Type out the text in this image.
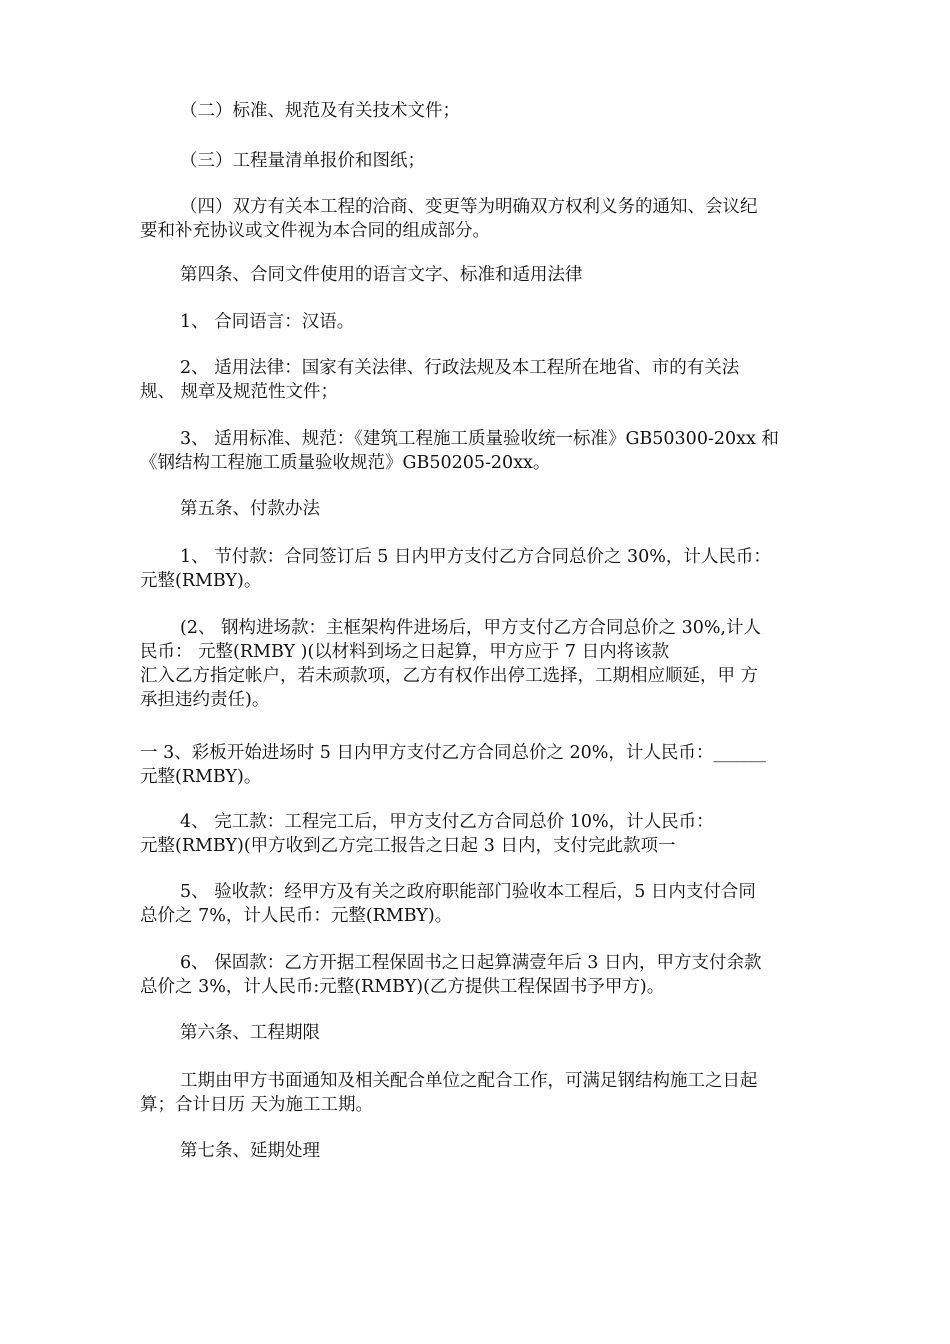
（二）标准、规范及有关技术文件；
（三）工程量清单报价和图纸；
（四）双方有关本工程的洽商、变更等为明确双方权利义务的通知、会议纪
要和补充协议或文件视为本合同的组成部分。
第四条、合同文件使用的语言文字、标准和适用法律
1、 合同语言：汉语。
2、 适用法律：国家有关法律、行政法规及本工程所在地省、市的有关法
规、 规章及规范性文件；
3、 适用标准、规范：《建筑工程施工质量验收统一标准》GB50300-20xx 和
《钢结构工程施工质量验收规范》GB50205-20xx。
第五条、付款办法
1、 节付款：合同签订后 5 日内甲方支付乙方合同总价之 30%，计人民币：
元整(RMBY)。
(2、 钢构进场款：主框架构件进场后，甲方支付乙方合同总价之 30%,计人
民币： 元整(RMBY )(以材料到场之日起算，甲方应于 7 日内将该款
汇入乙方指定帐户，若未顽款项，乙方有权作出停工选择，工期相应顺延，甲 方
承担违约责任)。
一 3、彩板开始进场时 5 日内甲方支付乙方合同总价之 20%，计人民币：______
元整(RMBY)。
4、 完工款：工程完工后，甲方支付乙方合同总价 10%，计人民币：
元整(RMBY)(甲方收到乙方完工报告之日起 3 日内，支付完此款项一
5、 验收款：经甲方及有关之政府职能部门验收本工程后，5 日内支付合同
总价之 7%，计人民币：元整(RMBY)。
6、 保固款：乙方开据工程保固书之日起算满壹年后 3 日内，甲方支付余款
总价之 3%，计人民币:元整(RMBY)(乙方提供工程保固书予甲方)。
第六条、工程期限
工期由甲方书面通知及相关配合单位之配合工作，可满足钢结构施工之日起
算；合计日历 天为施工工期。
第七条、延期处理
